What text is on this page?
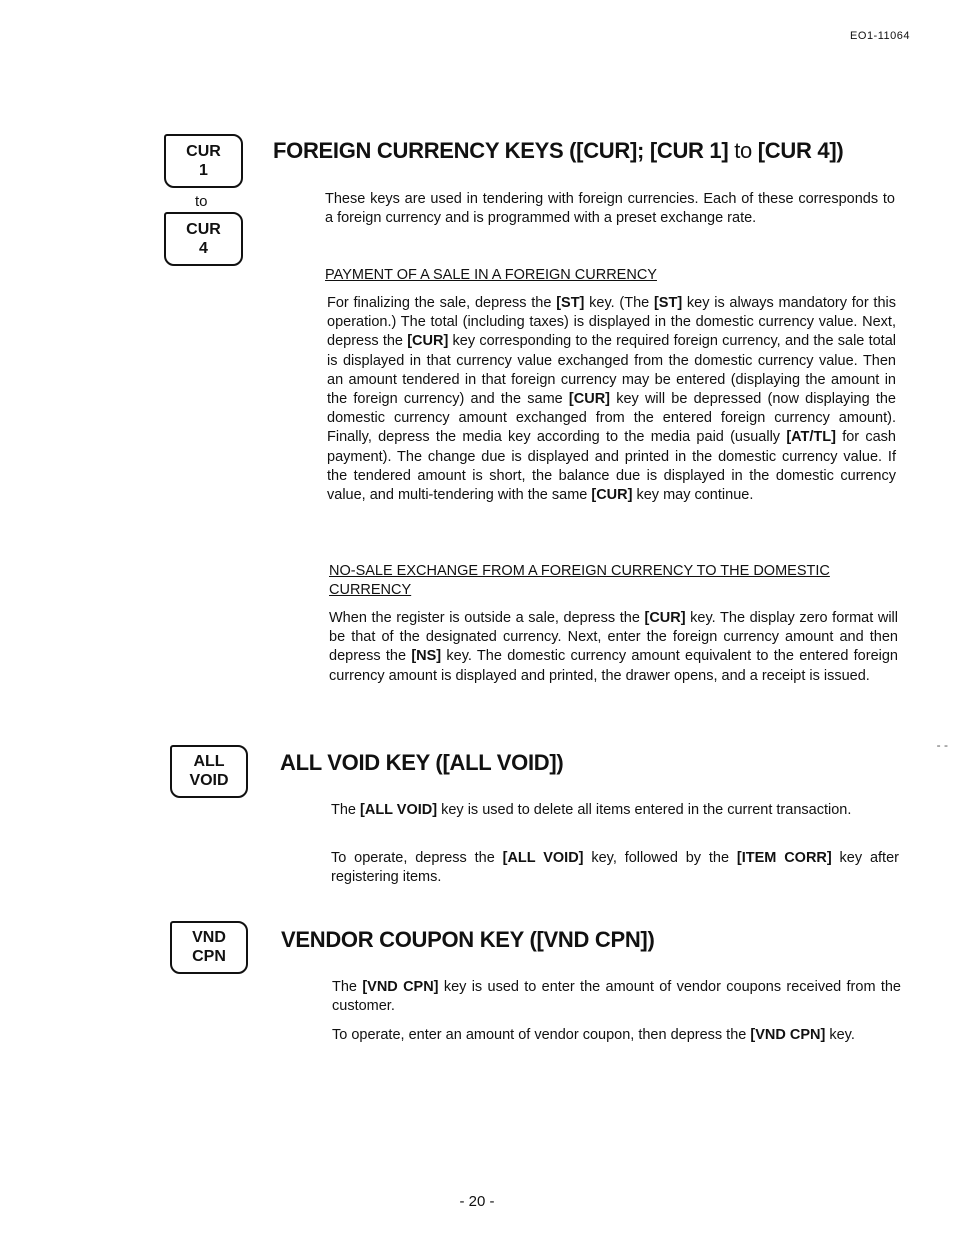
EO1-11064
CUR
1
to
CUR
4
FOREIGN CURRENCY KEYS ([CUR]; [CUR 1] to [CUR 4])

These keys are used in tendering with foreign currencies. Each of these corresponds to a foreign currency and is programmed with a preset exchange rate.

PAYMENT OF A SALE IN A FOREIGN CURRENCY

For finalizing the sale, depress the [ST] key. (The [ST] key is always mandatory for this operation.) The total (including taxes) is displayed in the domestic currency value. Next, depress the [CUR] key corresponding to the required foreign currency, and the sale total is displayed in that currency value exchanged from the domestic currency value. Then an amount tendered in that foreign currency may be entered (displaying the amount in the foreign currency) and the same [CUR] key will be depressed (now displaying the domestic currency amount exchanged from the entered foreign currency amount). Finally, depress the media key according to the media paid (usually [AT/TL] for cash payment). The change due is displayed and printed in the domestic currency value. If the tendered amount is short, the balance due is displayed in the domestic currency value, and multi-tendering with the same [CUR] key may continue.

NO-SALE EXCHANGE FROM A FOREIGN CURRENCY TO THE DOMESTIC CURRENCY

When the register is outside a sale, depress the [CUR] key. The display zero format will be that of the designated currency. Next, enter the foreign currency amount and then depress the [NS] key. The domestic currency amount equivalent to the entered foreign currency amount is displayed and printed, the drawer opens, and a receipt is issued.

- -
ALL
VOID
ALL VOID KEY ([ALL VOID])

The [ALL VOID] key is used to delete all items entered in the current transaction.

To operate, depress the [ALL VOID] key, followed by the [ITEM CORR] key after registering items.

VND
CPN
VENDOR COUPON KEY ([VND CPN])

The [VND CPN] key is used to enter the amount of vendor coupons received from the customer.

To operate, enter an amount of vendor coupon, then depress the [VND CPN] key.

- 20 -
